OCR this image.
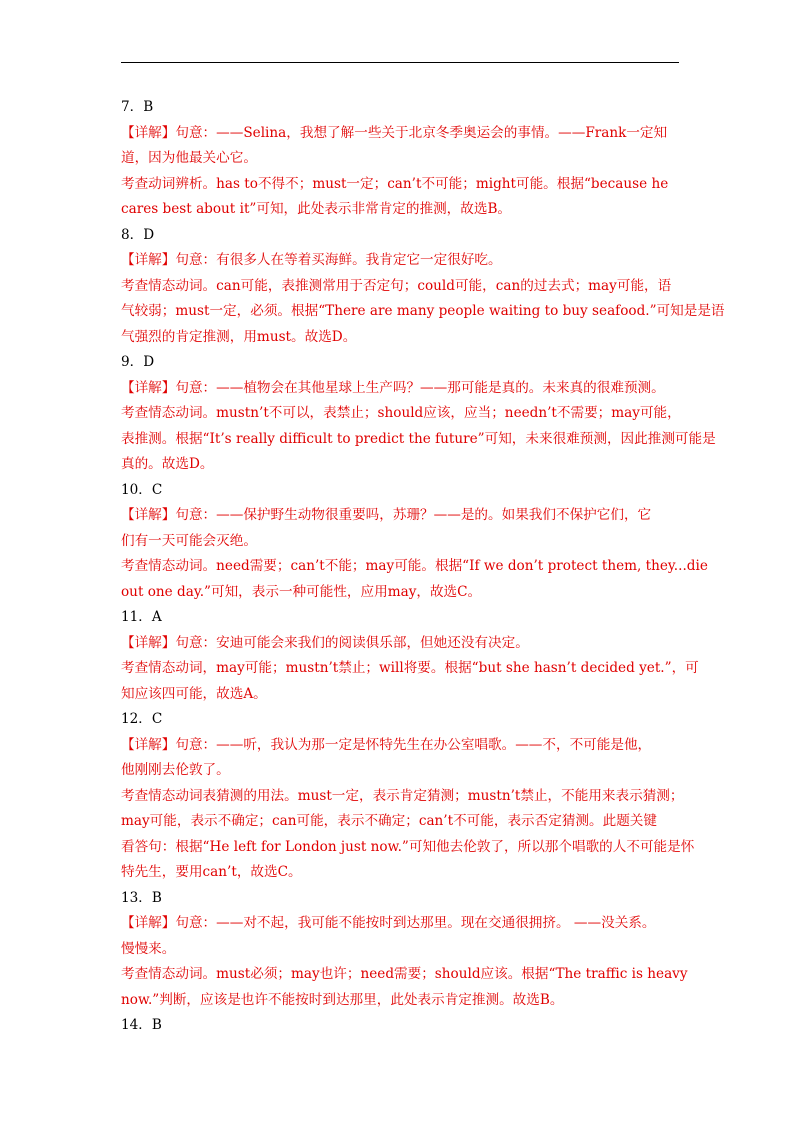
7．B
【详解】句意：——Selina，我想了解一些关于北京冬季奥运会的事情。——Frank一定知
道，因为他最关心它。
考查动词辨析。has to不得不；must一定；can’t不可能；might可能。根据“because he
cares best about it”可知，此处表示非常肯定的推测，故选B。
8．D
【详解】句意：有很多人在等着买海鲜。我肯定它一定很好吃。
考查情态动词。can可能，表推测常用于否定句；could可能，can的过去式；may可能，语
气较弱；must一定，必须。根据“There are many people waiting to buy seafood.”可知是是语
气强烈的肯定推测，用must。故选D。
9．D
【详解】句意：——植物会在其他星球上生产吗？——那可能是真的。未来真的很难预测。
考查情态动词。mustn’t不可以，表禁止；should应该，应当；needn’t不需要；may可能，
表推测。根据“It’s really difficult to predict the future”可知，未来很难预测，因此推测可能是
真的。故选D。
10．C
【详解】句意：——保护野生动物很重要吗，苏珊？——是的。如果我们不保护它们，它
们有一天可能会灭绝。
考查情态动词。need需要；can’t不能；may可能。根据“If we don’t protect them, they...die
out one day.”可知，表示一种可能性，应用may，故选C。
11．A
【详解】句意：安迪可能会来我们的阅读俱乐部，但她还没有决定。
考查情态动词，may可能；mustn’t禁止；will将要。根据“but she hasn’t decided yet.”，可
知应该四可能，故选A。
12．C
【详解】句意：——听，我认为那一定是怀特先生在办公室唱歌。——不，不可能是他，
他刚刚去伦敦了。
考查情态动词表猜测的用法。must一定，表示肯定猜测；mustn’t禁止，不能用来表示猜测；
may可能，表示不确定；can可能，表示不确定；can’t不可能，表示否定猜测。此题关键
看答句：根据“He left for London just now.”可知他去伦敦了，所以那个唱歌的人不可能是怀
特先生，要用can’t，故选C。
13．B
【详解】句意：——对不起，我可能不能按时到达那里。现在交通很拥挤。 ——没关系。
慢慢来。
考查情态动词。must必须；may也许；need需要；should应该。根据“The traffic is heavy
now.”判断，应该是也许不能按时到达那里，此处表示肯定推测。故选B。
14．B
